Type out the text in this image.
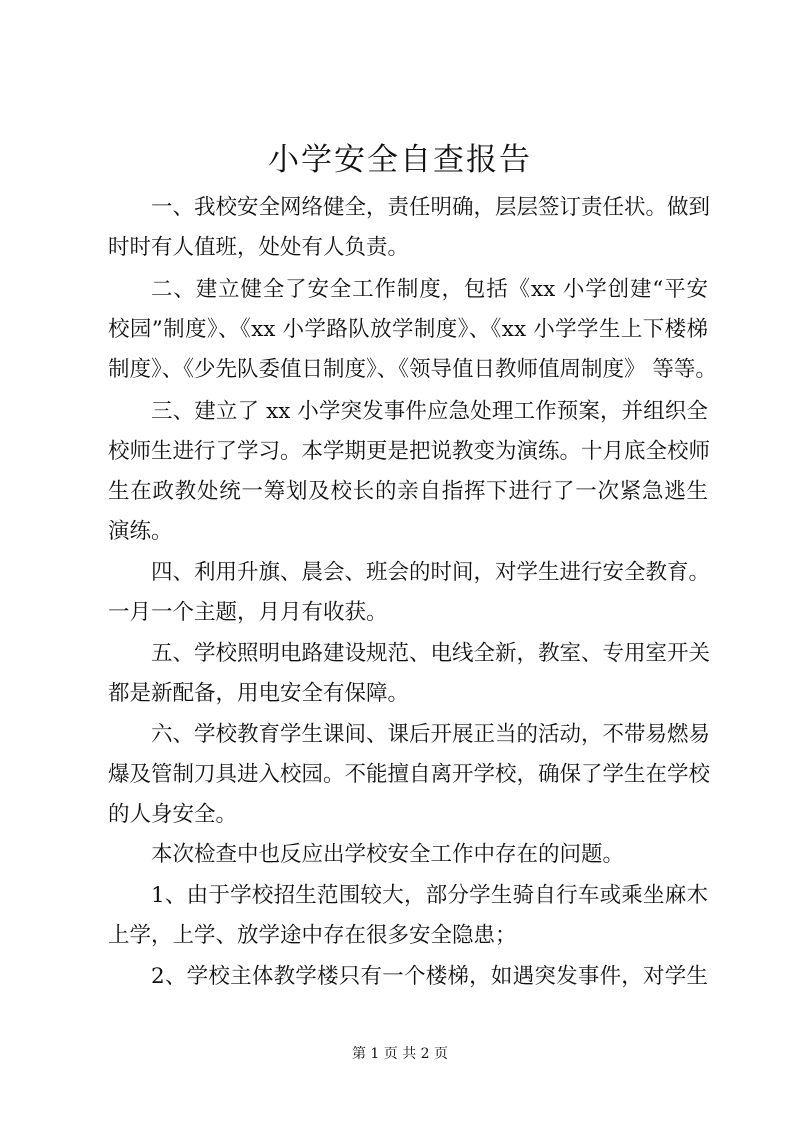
小学安全自查报告

一、我校安全网络健全，责任明确，层层签订责任状。做到

时时有人值班，处处有人负责。

二、建立健全了安全工作制度，包括《xx 小学创建“平安

校园”制度》、《xx 小学路队放学制度》、《xx 小学学生上下楼梯

制度》、《少先队委值日制度》、《领导值日教师值周制度》 等等。

三、建立了 xx 小学突发事件应急处理工作预案，并组织全

校师生进行了学习。本学期更是把说教变为演练。十月底全校师

生在政教处统一筹划及校长的亲自指挥下进行了一次紧急逃生

演练。

四、利用升旗、晨会、班会的时间，对学生进行安全教育。

一月一个主题，月月有收获。

五、学校照明电路建设规范、电线全新，教室、专用室开关

都是新配备，用电安全有保障。

六、学校教育学生课间、课后开展正当的活动，不带易燃易

爆及管制刀具进入校园。不能擅自离开学校，确保了学生在学校

的人身安全。

本次检查中也反应出学校安全工作中存在的问题。

1、由于学校招生范围较大，部分学生骑自行车或乘坐麻木

上学，上学、放学途中存在很多安全隐患；

2、学校主体教学楼只有一个楼梯，如遇突发事件，对学生

第 1 页 共 2 页
